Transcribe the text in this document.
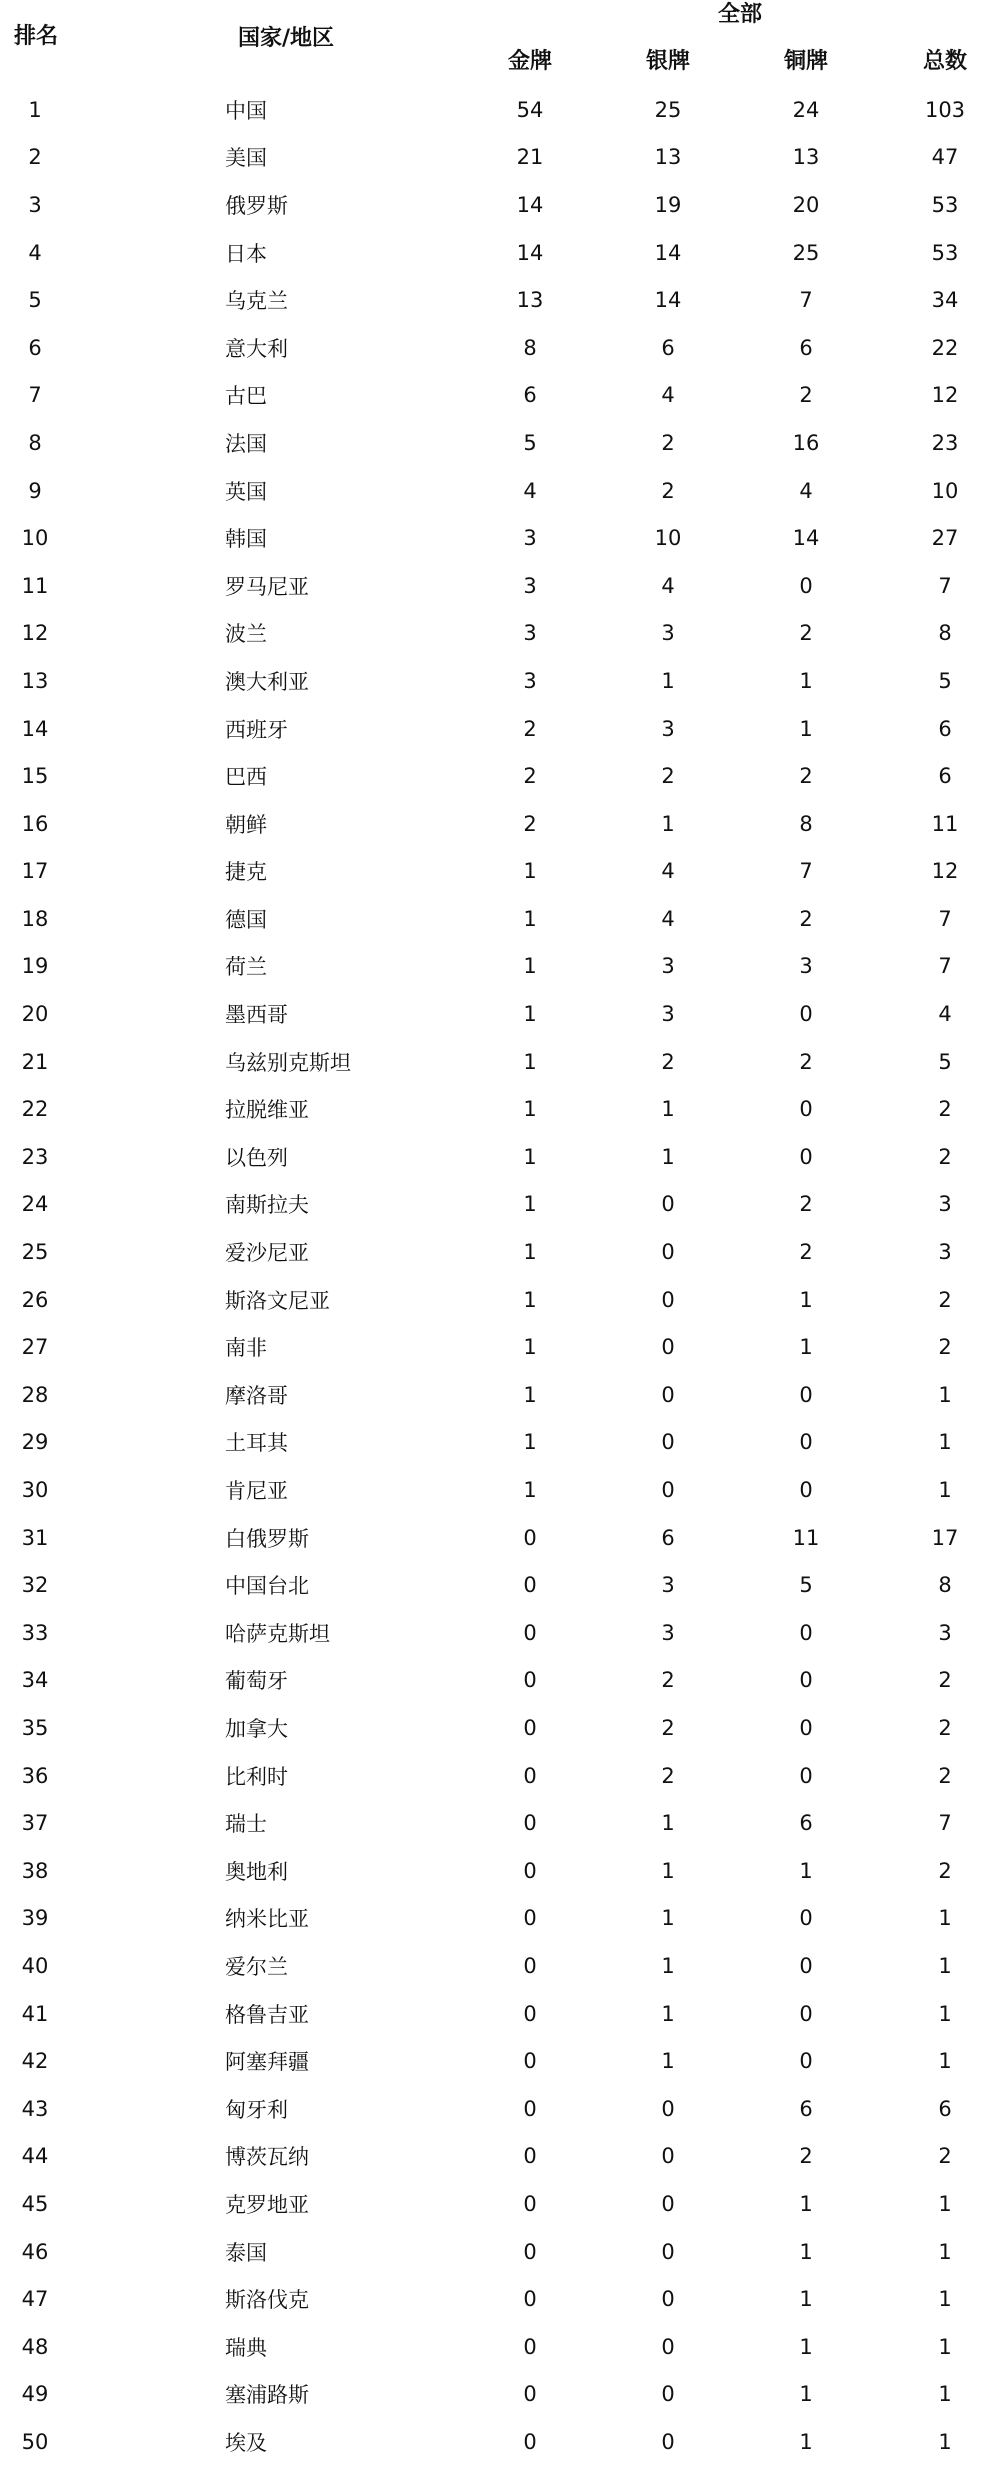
排名	国家/地区
全部
金牌	银牌	铜牌	总数
1	中国	54	25	24	103
2	美国	21	13	13	47
3	俄罗斯	14	19	20	53
4	日本	14	14	25	53
5	乌克兰	13	14	7	34
6	意大利	8	6	6	22
7	古巴	6	4	2	12
8	法国	5	2	16	23
9	英国	4	2	4	10
10	韩国	3	10	14	27
11	罗马尼亚	3	4	0	7
12	波兰	3	3	2	8
13	澳大利亚	3	1	1	5
14	西班牙	2	3	1	6
15	巴西	2	2	2	6
16	朝鲜	2	1	8	11
17	捷克	1	4	7	12
18	德国	1	4	2	7
19	荷兰	1	3	3	7
20	墨西哥	1	3	0	4
21	乌兹别克斯坦	1	2	2	5
22	拉脱维亚	1	1	0	2
23	以色列	1	1	0	2
24	南斯拉夫	1	0	2	3
25	爱沙尼亚	1	0	2	3
26	斯洛文尼亚	1	0	1	2
27	南非	1	0	1	2
28	摩洛哥	1	0	0	1
29	土耳其	1	0	0	1
30	肯尼亚	1	0	0	1
31	白俄罗斯	0	6	11	17
32	中国台北	0	3	5	8
33	哈萨克斯坦	0	3	0	3
34	葡萄牙	0	2	0	2
35	加拿大	0	2	0	2
36	比利时	0	2	0	2
37	瑞士	0	1	6	7
38	奥地利	0	1	1	2
39	纳米比亚	0	1	0	1
40	爱尔兰	0	1	0	1
41	格鲁吉亚	0	1	0	1
42	阿塞拜疆	0	1	0	1
43	匈牙利	0	0	6	6
44	博茨瓦纳	0	0	2	2
45	克罗地亚	0	0	1	1
46	泰国	0	0	1	1
47	斯洛伐克	0	0	1	1
48	瑞典	0	0	1	1
49	塞浦路斯	0	0	1	1
50	埃及	0	0	1	1
